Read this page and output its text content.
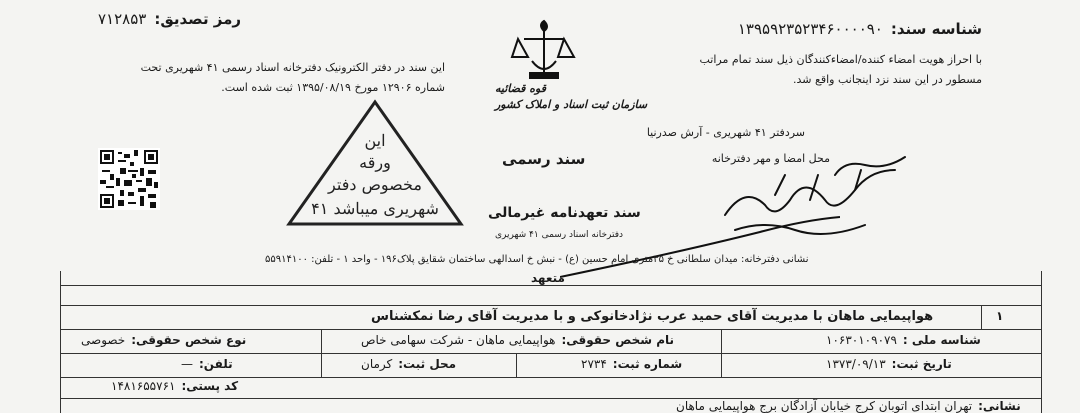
شناسه سند:۱۳۹۵۹۲۳۵۲۳۴۶۰۰۰۰۹۰
رمز تصدیق:۷۱۲۸۵۳
با احراز هویت امضاء کننده/امضاءکنندگان ذیل سند تمام مراتب مسطور در این سند نزد اینجانب واقع شد.
این سند در دفتر الکترونیک دفترخانه اسناد رسمی ۴۱ شهریری تحت شماره ۱۲۹۰۶ مورخ ۱۳۹۵/۰۸/۱۹ ثبت شده است.	قوه قضائیه
سازمان ثبت اسناد و املاک کشور
سند رسمی
سند تعهدنامه غیرمالی
دفترخانه اسناد رسمی ۴۱ شهریری
این
ورقه
مخصوص دفتر
۴۱ شهریری میباشد
سردفتر ۴۱ شهریری - آرش صدرنیا
محل امضا و مهر دفترخانه
نشانی دفترخانه: میدان سلطانی خ ۳۵متری امام حسین (ع) - نبش خ اسدالهی ساختمان شقایق پلاک۱۹۶ - واحد ۱ - تلفن: ۵۵۹۱۴۱۰۰
متعهد
۱
هواپیمایی ماهان با مدیریت آقای حمید عرب نژادخانوکی و با مدیریت آقای رضا نمکشناس
نوع شخص حقوقی:خصوصی	نام شخص حقوقی:هواپیمایی ماهان - شرکت سهامی خاص	شناسه ملی :۱۰۶۳۰۱۰۹۰۷۹
تلفن:—	محل ثبت:کرمان	شماره ثبت:۲۷۳۴	تاریخ ثبت:۱۳۷۳/۰۹/۱۳
کد پستی:۱۴۸۱۶۵۵۷۶۱
نشانی:تهران ابتدای اتوبان کرج خیابان آزادگان برج هواپیمایی ماهان
